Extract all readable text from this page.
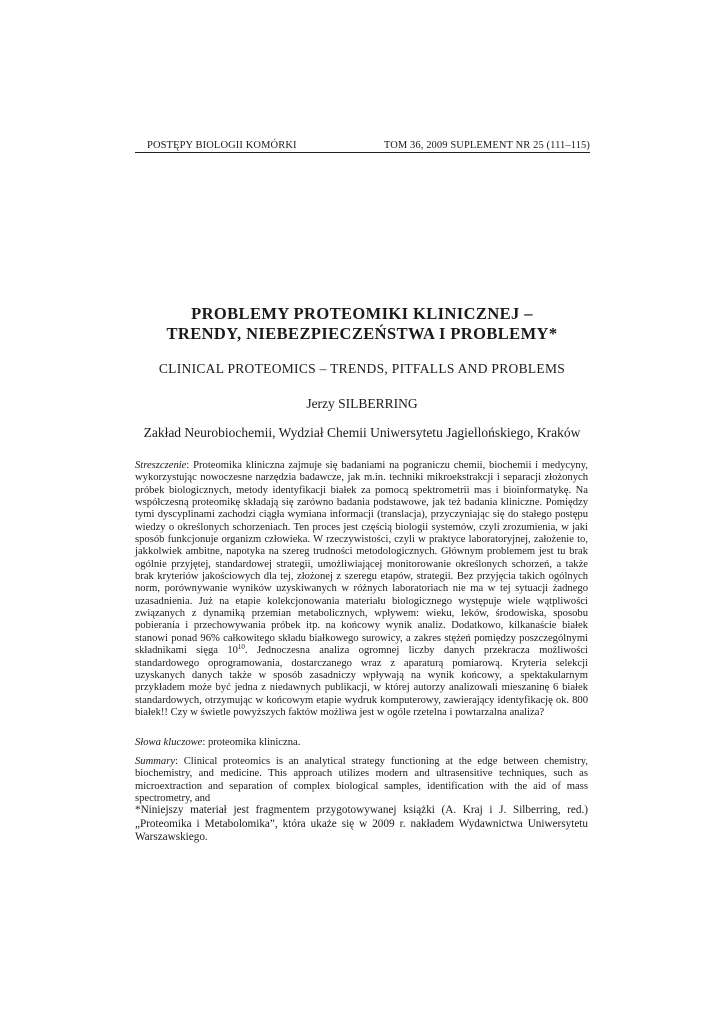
POSTĘPY BIOLOGII KOMÓRKI	TOM 36, 2009 SUPLEMENT NR 25 (111–115)
PROBLEMY PROTEOMIKI KLINICZNEJ –
TRENDY, NIEBEZPIECZEŃSTWA I PROBLEMY*
CLINICAL PROTEOMICS – TRENDS, PITFALLS AND PROBLEMS
Jerzy SILBERRING
Zakład Neurobiochemii, Wydział Chemii Uniwersytetu Jagiellońskiego, Kraków
Streszczenie: Proteomika kliniczna zajmuje się badaniami na pograniczu chemii, biochemii i medycyny, wykorzystując nowoczesne narzędzia badawcze, jak m.in. techniki mikroekstrakcji i separacji złożonych próbek biologicznych, metody identyfikacji białek za pomocą spektrometrii mas i bioinformatykę. Na współczesną proteomikę składają się zarówno badania podstawowe, jak też badania kliniczne. Pomiędzy tymi dyscyplinami zachodzi ciągła wymiana informacji (translacja), przyczyniając się do stałego postępu wiedzy o określonych schorzeniach. Ten proces jest częścią biologii systemów, czyli zrozumienia, w jaki sposób funkcjonuje organizm człowieka. W rzeczywistości, czyli w praktyce laboratoryjnej, założenie to, jakkolwiek ambitne, napotyka na szereg trudności metodologicznych. Głównym problemem jest tu brak ogólnie przyjętej, standardowej strategii, umożliwiającej monitorowanie określonych schorzeń, a także brak kryteriów jakościowych dla tej, złożonej z szeregu etapów, strategii. Bez przyjęcia takich ogólnych norm, porównywanie wyników uzyskiwanych w różnych laboratoriach nie ma w tej sytuacji żadnego uzasadnienia. Już na etapie kolekcjonowania materiału biologicznego występuje wiele wątpliwości związanych z dynamiką przemian metabolicznych, wpływem: wieku, leków, środowiska, sposobu pobierania i przechowywania próbek itp. na końcowy wynik analiz. Dodatkowo, kilkanaście białek stanowi ponad 96% całkowitego składu białkowego surowicy, a zakres stężeń pomiędzy poszczególnymi składnikami sięga $10^{10}$. Jednoczesna analiza ogromnej liczby danych przekracza możliwości standardowego oprogramowania, dostarczanego wraz z aparaturą pomiarową. Kryteria selekcji uzyskanych danych także w sposób zasadniczy wpływają na wynik końcowy, a spektakularnym przykładem może być jedna z niedawnych publikacji, w której autorzy analizowali mieszaninę 6 białek standardowych, otrzymując w końcowym etapie wydruk komputerowy, zawierający identyfikację ok. 800 białek!! Czy w świetle powyższych faktów możliwa jest w ogóle rzetelna i powtarzalna analiza?
Słowa kluczowe: proteomika kliniczna.
Summary: Clinical proteomics is an analytical strategy functioning at the edge between chemistry, biochemistry, and medicine. This approach utilizes modern and ultrasensitive techniques, such as microextraction and separation of complex biological samples, identification with the aid of mass spectrometry, and
*Niniejszy materiał jest fragmentem przygotowywanej książki (A. Kraj i J. Silberring, red.) „Proteomika i Metabolomika”, która ukaże się w 2009 r. nakładem Wydawnictwa Uniwersytetu Warszawskiego.
